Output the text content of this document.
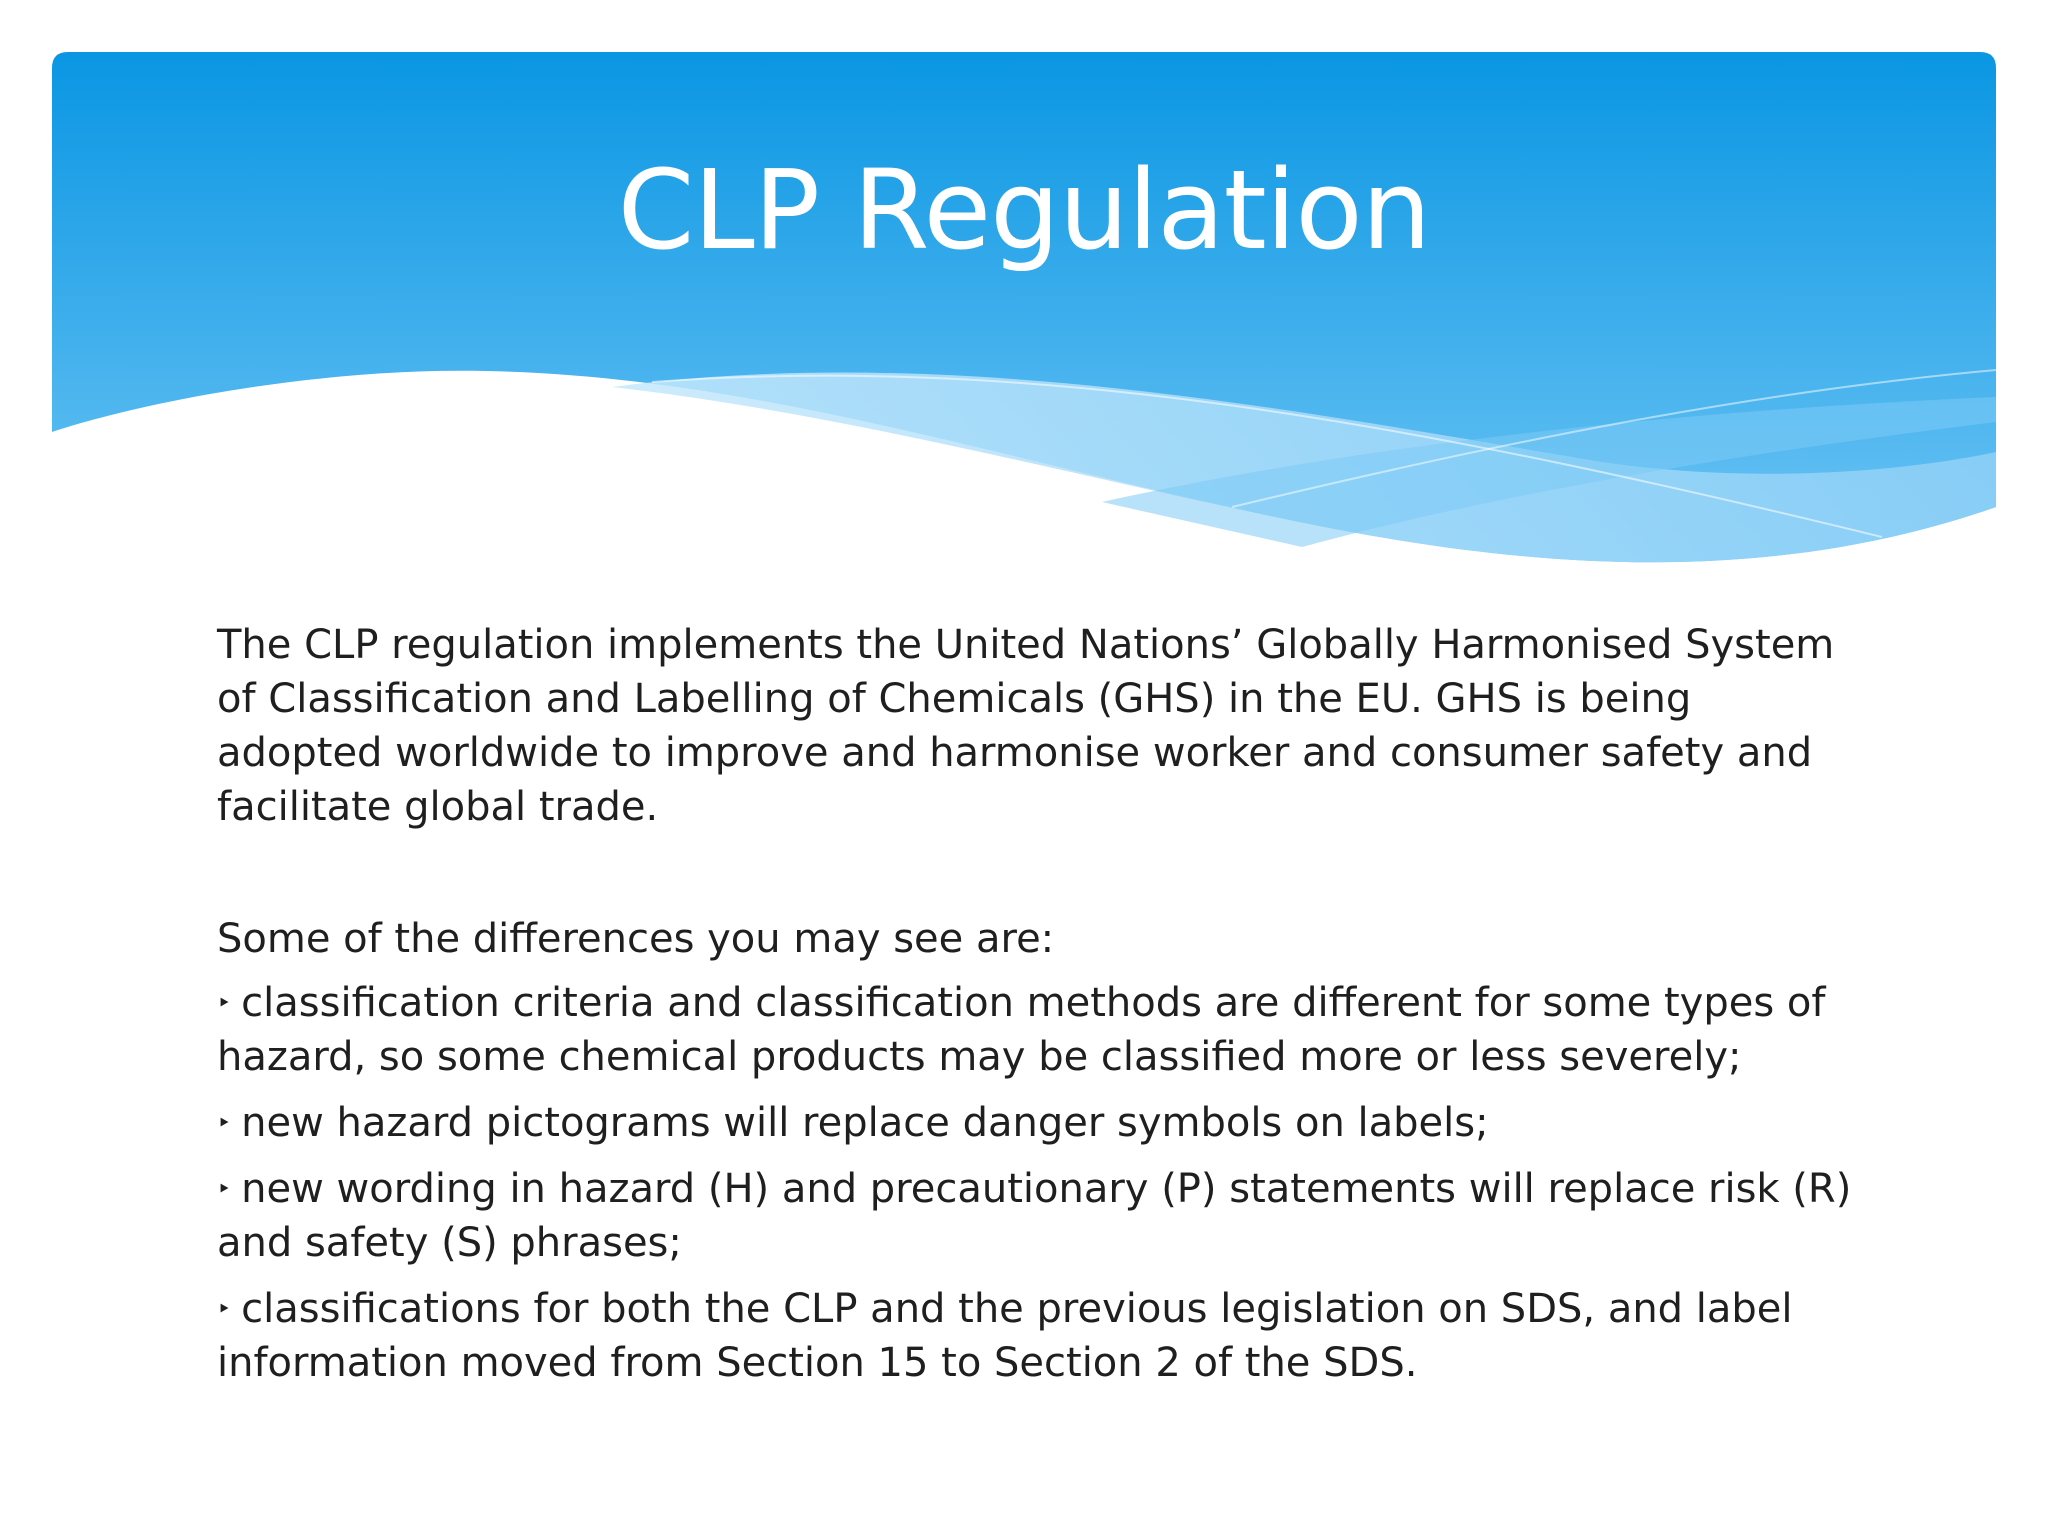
CLP Regulation

The CLP regulation implements the United Nations’ Globally Harmonised System of Classification and Labelling of Chemicals (GHS) in the EU. GHS is being adopted worldwide to improve and harmonise worker and consumer safety and facilitate global trade.

Some of the differences you may see are:

‣ classification criteria and classification methods are different for some types of hazard, so some chemical products may be classified more or less severely;
‣ new hazard pictograms will replace danger symbols on labels;
‣ new wording in hazard (H) and precautionary (P) statements will replace risk (R) and safety (S) phrases;
‣ classifications for both the CLP and the previous legislation on SDS, and label information moved from Section 15 to Section 2 of the SDS.
